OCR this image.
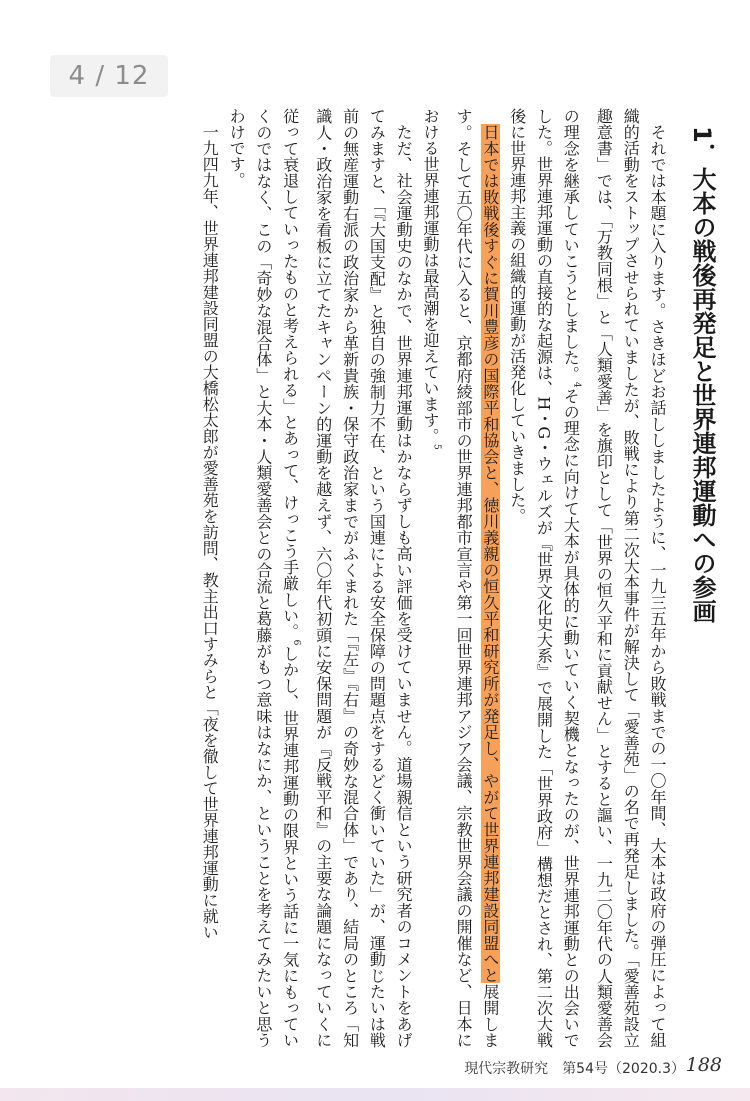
4 / 12
1．大本の戦後再発足と世界連邦運動への参画

それでは本題に入ります。さきほどお話ししましたように、一九三五年から敗戦までの一〇年間、大本は政府の弾圧によって組織的活動をストップさせられていましたが、敗戦により第二次大本事件が解決して「愛善苑」の名で再発足しました。「愛善苑設立趣意書」では、「万教同根」と「人類愛善」を旗印として「世界の恒久平和に貢献せん」とすると謳い、一九二〇年代の人類愛善会の理念を継承していこうとしました。$^4$その理念に向けて大本が具体的に動いていく契機となったのが、世界連邦運動との出会いでした。世界連邦運動の直接的な起源は、H・G・ウェルズが『世界文化史大系』で展開した「世界政府」構想だとされ、第二次大戦後に世界連邦主義の組織的運動が活発化していきました。

日本では敗戦後すぐに賀川豊彦の国際平和協会と、徳川義親の恒久平和研究所が発足し、やがて世界連邦建設同盟へと展開します。そして五〇年代に入ると、京都府綾部市の世界連邦都市宣言や第一回世界連邦アジア会議、宗教世界会議の開催など、日本における世界連邦運動は最高潮を迎えています。$^5$

ただ、社会運動史のなかで、世界連邦運動はかならずしも高い評価を受けていません。道場親信という研究者のコメントをあげてみますと、「『大国支配』と独自の強制力不在、という国連による安全保障の問題点をするどく衝いていた」が、運動じたいは戦前の無産運動右派の政治家から革新貴族・保守政治家までがふくまれた「『左』『右』の奇妙な混合体」であり、結局のところ「知識人・政治家を看板に立てたキャンペーン的運動を越えず、六〇年代初頭に安保問題が『反戦平和』の主要な論題になっていくに従って衰退していったものと考えられる」とあって、けっこう手厳しい。$^6$しかし、世界連邦運動の限界という話に一気にもっていくのではなく、この「奇妙な混合体」と大本・人類愛善会との合流と葛藤がもつ意味はなにか、ということを考えてみたいと思うわけです。

一九四九年、世界連邦建設同盟の大橋松太郎が愛善苑を訪問、教主出口すみらと「夜を徹して世界連邦運動に就い

現代宗教研究　第54号（2020.3） 188
